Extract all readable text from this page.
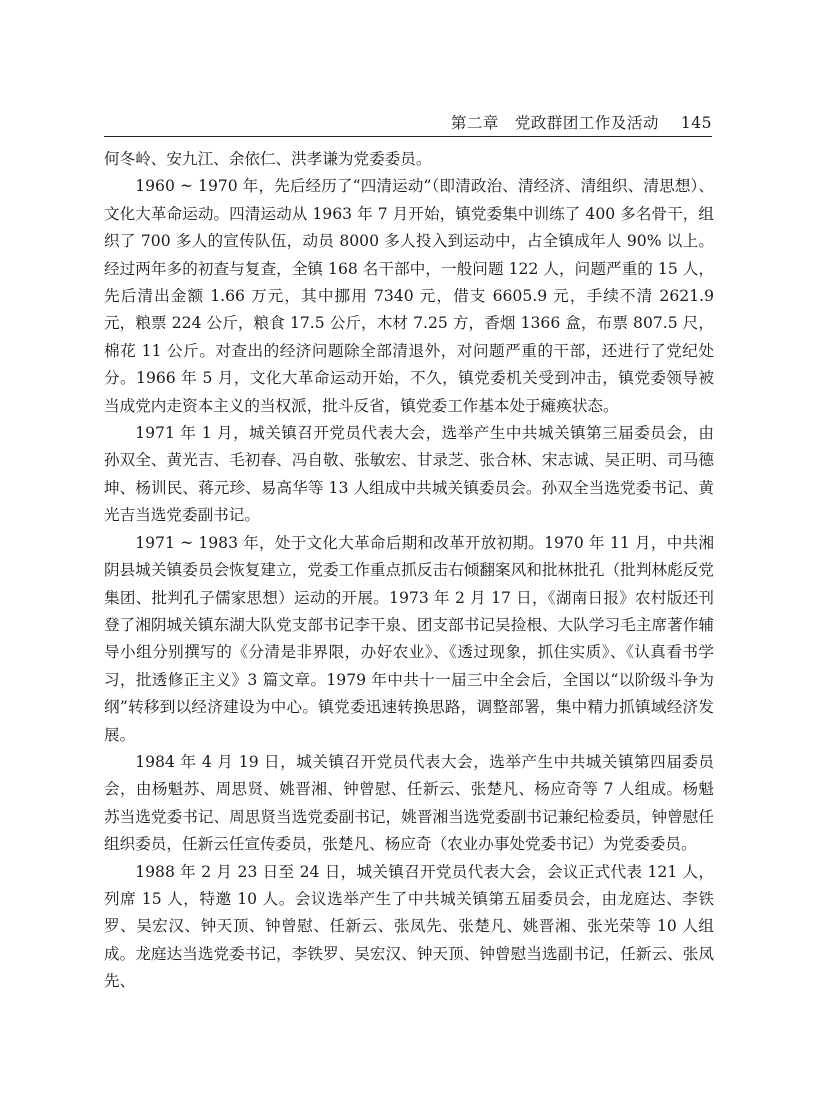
第二章　党政群团工作及活动 145

何冬岭、安九江、余依仁、洪孝谦为党委委员。

1960 ~ 1970 年，先后经历了“四清运动”（即清政治、清经济、清组织、清思想）、文化大革命运动。四清运动从 1963 年 7 月开始，镇党委集中训练了 400 多名骨干，组织了 700 多人的宣传队伍，动员 8000 多人投入到运动中，占全镇成年人 90% 以上。经过两年多的初查与复查，全镇 168 名干部中，一般问题 122 人，问题严重的 15 人，先后清出金额 1.66 万元，其中挪用 7340 元，借支 6605.9 元，手续不清 2621.9 元，粮票 224 公斤，粮食 17.5 公斤，木材 7.25 方，香烟 1366 盒，布票 807.5 尺，棉花 11 公斤。对查出的经济问题除全部清退外，对问题严重的干部，还进行了党纪处分。1966 年 5 月，文化大革命运动开始，不久，镇党委机关受到冲击，镇党委领导被当成党内走资本主义的当权派，批斗反省，镇党委工作基本处于瘫痪状态。

1971 年 1 月，城关镇召开党员代表大会，选举产生中共城关镇第三届委员会，由孙双全、黄光吉、毛初春、冯自敬、张敏宏、甘录芝、张合林、宋志诚、吴正明、司马德坤、杨训民、蒋元珍、易高华等 13 人组成中共城关镇委员会。孙双全当选党委书记、黄光吉当选党委副书记。

1971 ~ 1983 年，处于文化大革命后期和改革开放初期。1970 年 11 月，中共湘阴县城关镇委员会恢复建立，党委工作重点抓反击右倾翻案风和批林批孔（批判林彪反党集团、批判孔子儒家思想）运动的开展。1973 年 2 月 17 日，《湖南日报》农村版还刊登了湘阴城关镇东湖大队党支部书记李干泉、团支部书记吴捡根、大队学习毛主席著作辅导小组分别撰写的《分清是非界限，办好农业》、《透过现象，抓住实质》、《认真看书学习，批透修正主义》3 篇文章。1979 年中共十一届三中全会后，全国以“以阶级斗争为纲”转移到以经济建设为中心。镇党委迅速转换思路，调整部署，集中精力抓镇域经济发展。

1984 年 4 月 19 日，城关镇召开党员代表大会，选举产生中共城关镇第四届委员会，由杨魁苏、周思贤、姚晋湘、钟曾慰、任新云、张楚凡、杨应奇等 7 人组成。杨魁苏当选党委书记、周思贤当选党委副书记，姚晋湘当选党委副书记兼纪检委员，钟曾慰任组织委员，任新云任宣传委员，张楚凡、杨应奇（农业办事处党委书记）为党委委员。

1988 年 2 月 23 日至 24 日，城关镇召开党员代表大会，会议正式代表 121 人，列席 15 人，特邀 10 人。会议选举产生了中共城关镇第五届委员会，由龙庭达、李铁罗、吴宏汉、钟天顶、钟曾慰、任新云、张凤先、张楚凡、姚晋湘、张光荣等 10 人组成。龙庭达当选党委书记，李铁罗、吴宏汉、钟天顶、钟曾慰当选副书记，任新云、张凤先、
